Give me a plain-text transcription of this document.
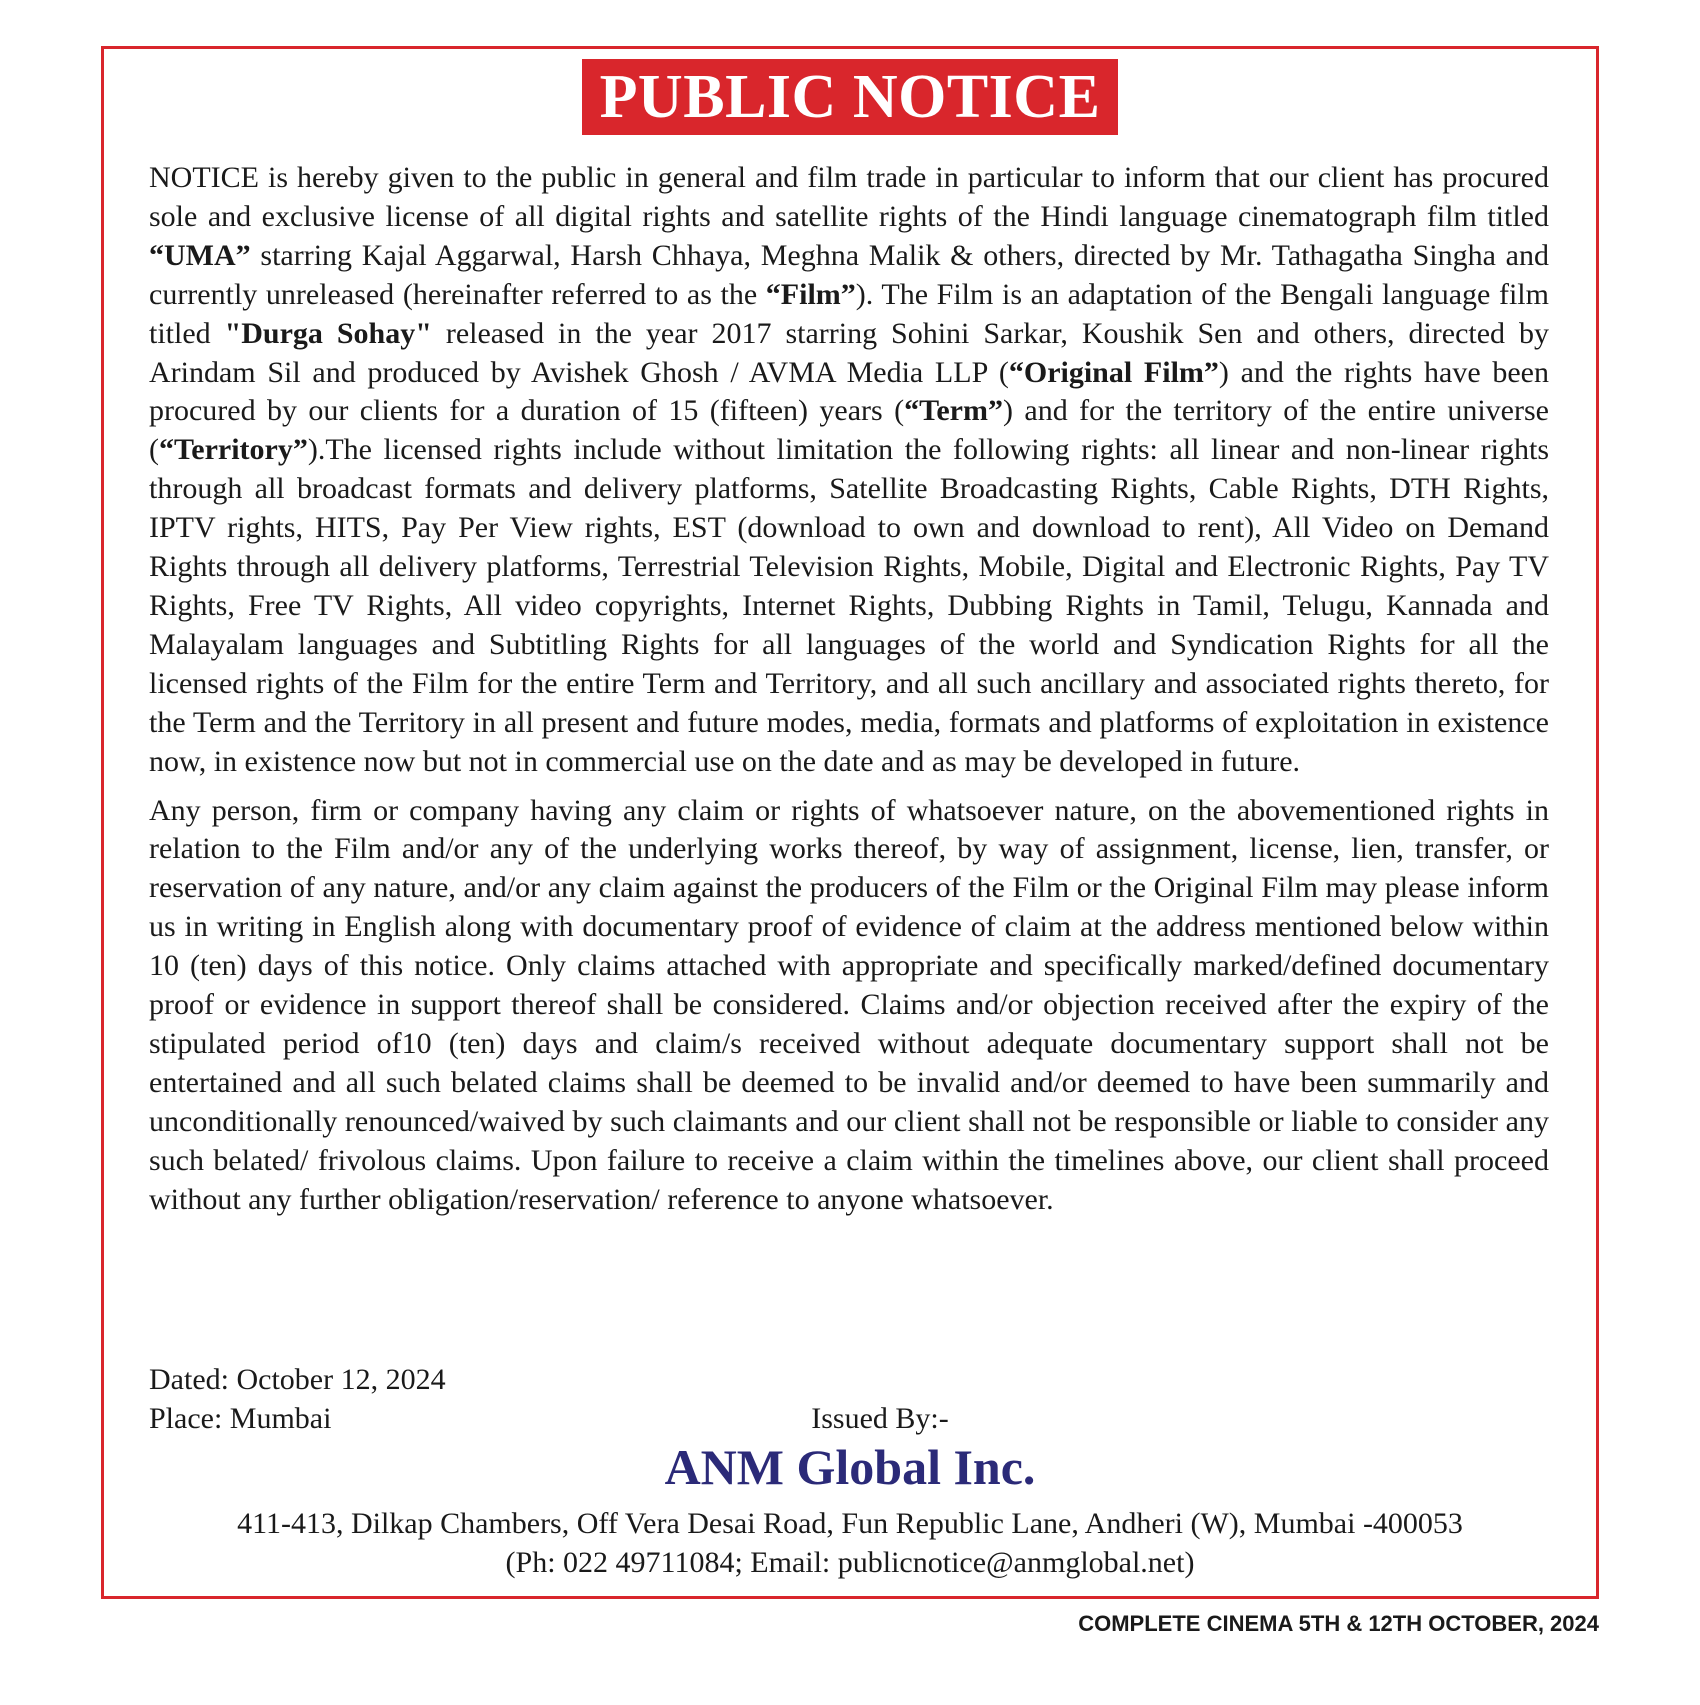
PUBLIC NOTICE

NOTICE is hereby given to the public in general and film trade in particular to inform that our client has procured sole and exclusive license of all digital rights and satellite rights of the Hindi language cinematograph film titled “UMA” starring Kajal Aggarwal, Harsh Chhaya, Meghna Malik & others, directed by Mr. Tathagatha Singha and currently unreleased (hereinafter referred to as the “Film”). The Film is an adaptation of the Bengali language film titled "Durga Sohay" released in the year 2017 starring Sohini Sarkar, Koushik Sen and others, directed by Arindam Sil and produced by Avishek Ghosh / AVMA Media LLP (“Original Film”) and the rights have been procured by our clients for a duration of 15 (fifteen) years (“Term”) and for the territory of the entire universe (“Territory”).The licensed rights include without limitation the following rights: all linear and non-linear rights through all broadcast formats and delivery platforms, Satellite Broadcasting Rights, Cable Rights, DTH Rights, IPTV rights, HITS, Pay Per View rights, EST (download to own and download to rent), All Video on Demand Rights through all delivery platforms, Terrestrial Television Rights, Mobile, Digital and Electronic Rights, Pay TV Rights, Free TV Rights, All video copyrights, Internet Rights, Dubbing Rights in Tamil, Telugu, Kannada and Malayalam languages and Subtitling Rights for all languages of the world and Syndication Rights for all the licensed rights of the Film for the entire Term and Territory, and all such ancillary and associated rights thereto, for the Term and the Territory in all present and future modes, media, formats and platforms of exploitation in existence now, in existence now but not in commercial use on the date and as may be developed in future.

Any person, firm or company having any claim or rights of whatsoever nature, on the abovementioned rights in relation to the Film and/or any of the underlying works thereof, by way of assignment, license, lien, transfer, or reservation of any nature, and/or any claim against the producers of the Film or the Original Film may please inform us in writing in English along with documentary proof of evidence of claim at the address mentioned below within 10 (ten) days of this notice. Only claims attached with appropriate and specifically marked/defined documentary proof or evidence in support thereof shall be considered. Claims and/or objection received after the expiry of the stipulated period of10 (ten) days and claim/s received without adequate documentary support shall not be entertained and all such belated claims shall be deemed to be invalid and/or deemed to have been summarily and unconditionally renounced/waived by such claimants and our client shall not be responsible or liable to consider any such belated/ frivolous claims. Upon failure to receive a claim within the timelines above, our client shall proceed without any further obligation/reservation/ reference to anyone whatsoever.

Dated: October 12, 2024
Place: Mumbai	Issued By:-
ANM Global Inc.
411-413, Dilkap Chambers, Off Vera Desai Road, Fun Republic Lane, Andheri (W), Mumbai -400053
(Ph: 022 49711084; Email: publicnotice@anmglobal.net)
COMPLETE CINEMA 5TH & 12TH OCTOBER, 2024
